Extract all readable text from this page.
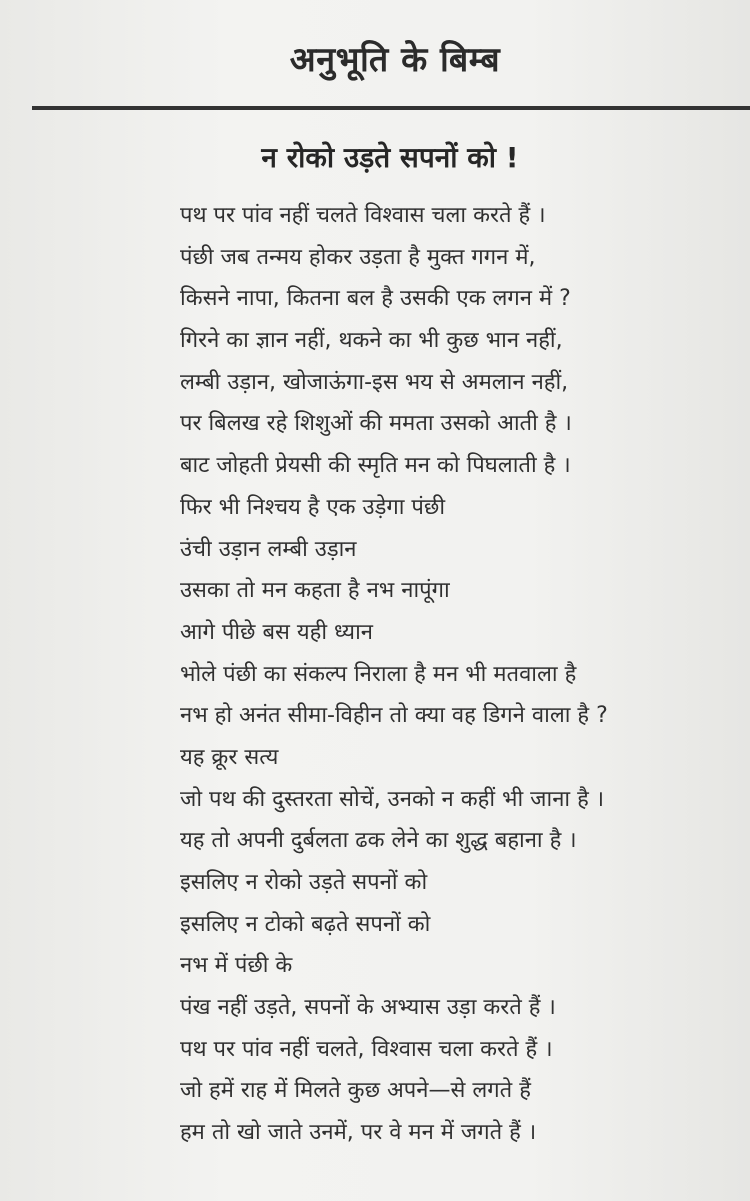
अनुभूति के बिम्ब
न रोको उड़ते सपनों को !
पथ पर पांव नहीं चलते विश्वास चला करते हैं ।
पंछी जब तन्मय होकर उड़ता है मुक्त गगन में,
किसने नापा, कितना बल है उसकी एक लगन में ?
गिरने का ज्ञान नहीं, थकने का भी कुछ भान नहीं,
लम्बी उड़ान, खोजाऊंगा-इस भय से अमलान नहीं,
पर बिलख रहे शिशुओं की ममता उसको आती है ।
बाट जोहती प्रेयसी की स्मृति मन को पिघलाती है ।
फिर भी निश्चय है एक उड़ेगा पंछी
उंची उड़ान लम्बी उड़ान
उसका तो मन कहता है नभ नापूंगा
आगे पीछे बस यही ध्यान
भोले पंछी का संकल्प निराला है मन भी मतवाला है
नभ हो अनंत सीमा-विहीन तो क्या वह डिगने वाला है ?
यह क्रूर सत्य
जो पथ की दुस्तरता सोचें, उनको न कहीं भी जाना है ।
यह तो अपनी दुर्बलता ढक लेने का शुद्ध बहाना है ।
इसलिए न रोको उड़ते सपनों को
इसलिए न टोको बढ़ते सपनों को
नभ में पंछी के
पंख नहीं उड़ते, सपनों के अभ्यास उड़ा करते हैं ।
पथ पर पांव नहीं चलते, विश्वास चला करते हैं ।
जो हमें राह में मिलते कुछ अपने—से लगते हैं
हम तो खो जाते उनमें, पर वे मन में जगते हैं ।
